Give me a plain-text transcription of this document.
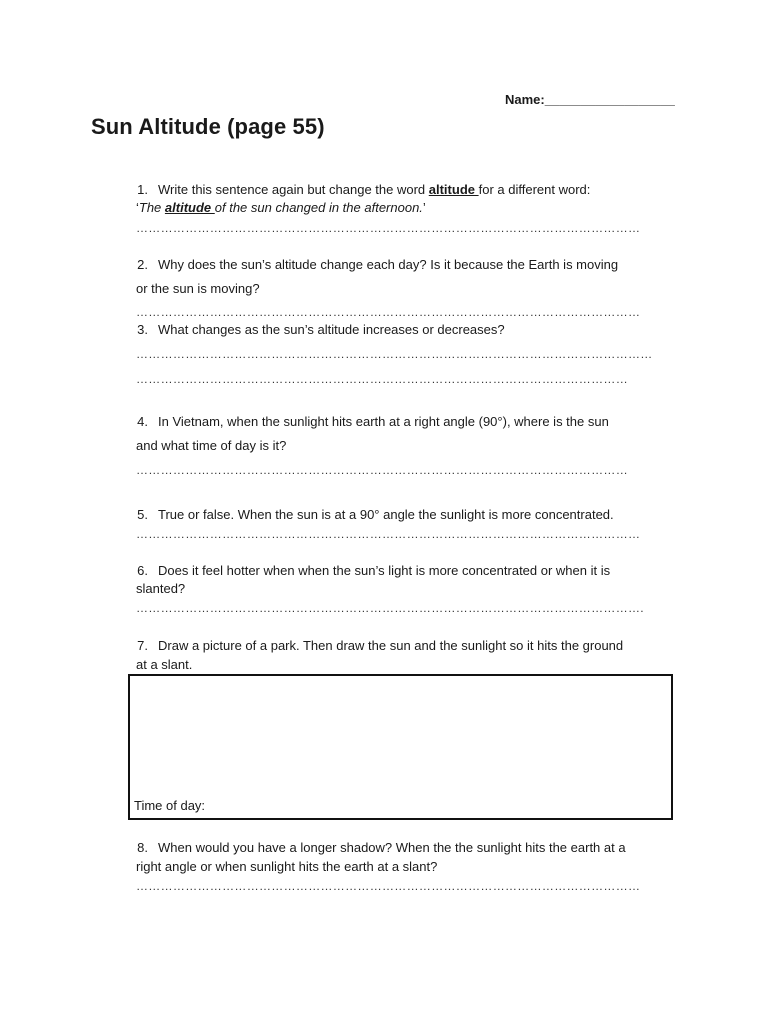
Name:__________________
Sun Altitude (page 55)
1. Write this sentence again but change the word altitude for a different word:
‘The altitude of the sun changed in the afternoon.’
……………………………………………………………………………………………………………
2. Why does the sun’s altitude change each day? Is it because the Earth is moving
or the sun is moving?
……………………………………………………………………………………………………………
3. What changes as the sun’s altitude increases or decreases?
………………………………………………………………………………………………………………
…………………………………………………………………………………………………………
4. In Vietnam, when the sunlight hits earth at a right angle (90°), where is the sun
and what time of day is it?
…………………………………………………………………………………………………………
5. True or false. When the sun is at a 90° angle the sunlight is more concentrated.
……………………………………………………………………………………………………………
6. Does it feel hotter when when the sun’s light is more concentrated or when it is
slanted?
…………………………………………………………………………………………………………….
7. Draw a picture of a park. Then draw the sun and the sunlight so it hits the ground
at a slant.
Time of day:
8. When would you have a longer shadow? When the the sunlight hits the earth at a
right angle or when sunlight hits the earth at a slant?
……………………………………………………………………………………………………………
